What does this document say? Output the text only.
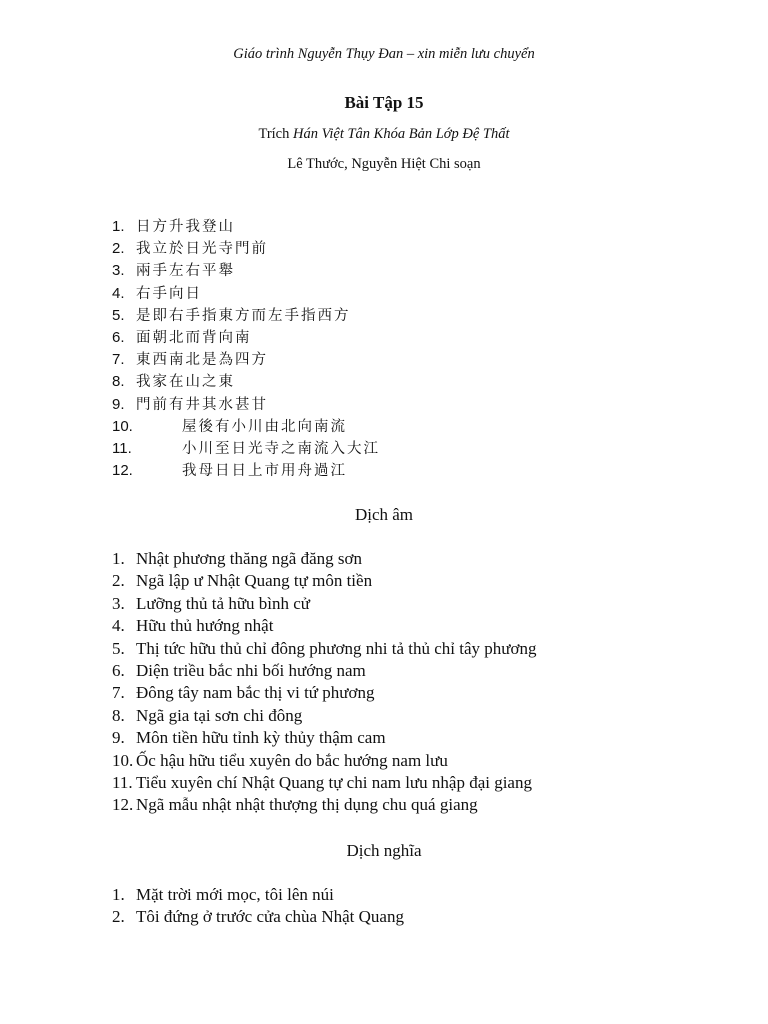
Giáo trình Nguyễn Thụy Đan – xin miễn lưu chuyển
Bài Tập 15
Trích Hán Việt Tân Khóa Bản Lớp Đệ Thất
Lê Thước, Nguyễn Hiệt Chi soạn
1. 日方升我登山
2. 我立於日光寺門前
3. 兩手左右平舉
4. 右手向日
5. 是即右手指東方而左手指西方
6. 面朝北而背向南
7. 東西南北是為四方
8. 我家在山之東
9. 門前有井其水甚甘
10.	屋後有小川由北向南流
11.	小川至日光寺之南流入大江
12.	我母日日上市用舟過江
Dịch âm
1. Nhật phương thăng ngã đăng sơn
2. Ngã lập ư Nhật Quang tự môn tiền
3. Lưỡng thủ tả hữu bình cử
4. Hữu thủ hướng nhật
5. Thị tức hữu thủ chỉ đông phương nhi tả thủ chỉ tây phương
6. Diện triều bắc nhi bối hướng nam
7. Đông tây nam bắc thị vi tứ phương
8. Ngã gia tại sơn chi đông
9. Môn tiền hữu tỉnh kỳ thủy thậm cam
10. Ốc hậu hữu tiểu xuyên do bắc hướng nam lưu
11. Tiểu xuyên chí Nhật Quang tự chi nam lưu nhập đại giang
12. Ngã mẫu nhật nhật thượng thị dụng chu quá giang
Dịch nghĩa
1. Mặt trời mới mọc, tôi lên núi
2. Tôi đứng ở trước cửa chùa Nhật Quang
